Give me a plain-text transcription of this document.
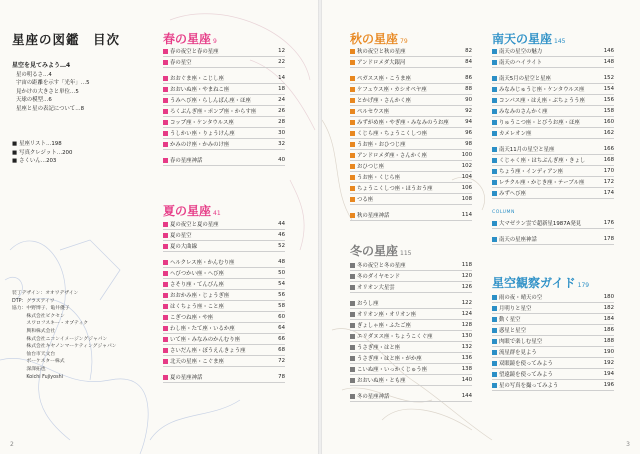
星座の図鑑　目次
星空を見てみよう…4
星の明るさ…4
宇宙の距離を示す「光年」…5
見かけの大きさと単位…5
天球の模型…6
星座と星の表記について…8
■ 星座リスト…198
■ 写真クレジット…200
■ さくいん…203
装丁デザイン：オオワデザイン
DTP：グラスアイワ
協力：中野博子、亀井優子
　　　株式会社ビクセン
　　　スワロフスキー・オプティク
　　　興和株式会社
　　　株式会社ニコンイメージングジャパン
　　　株式会社キヤノンマーケティングジャパン
　　　仙台市天文台
　　　ボーケスター株式
　　　深澤拓也
　　　Koichi Fujiyoshi
春の星座 9
春の夜空と春の星座	12
春の星空	22
おおぐま座・こじし座	14
おおいぬ座・やまねこ座	18
うみへび座・らしんばん座・ほ座	24
ろくぶんぎ座・ポンプ座・からす座	26
コップ座・ケンタウルス座	28
うしかい座・りょうけん座	30
かみのけ座・かみのけ座	32
春の星座神話	40
夏の星座 41
夏の夜空と夏の星座	44
夏の星空	46
夏の大曲線	52
ヘルクレス座・かんむり座	48
へびつかい座・へび座	50
さそり座・てんびん座	54
おおかみ座・じょうぎ座	56
はくちょう座・こと座	58
こぎつね座・や座	60
わし座・たて座・いるか座	64
いて座・みなみのかんむり座	66
さいだん座・ぼうえんきょう座	68
北天の星座・こぐま座	72
夏の星座神話	78
2
秋の星座 79
秋の夜空と秋の星座	82
アンドロメダ大銀河	84
ペガスス座・こうま座	86
ケフェウス座・カシオペヤ座	88
とかげ座・さんかく座	90
ペルセウス座	92
みずがめ座・やぎ座・みなみのうお座	94
くじら座・ちょうこくしつ座	96
うお座・おひつじ座	98
アンドロメダ座・さんかく座	100
おひつじ座	102
うお座・くじら座	104
ちょうこくしつ座・ほうおう座	106
つる座	108
秋の星座神話	114
冬の星座 115
冬の夜空と冬の星座	118
冬のダイヤモンド	120
オリオン大星雲	126
おうし座	122
オリオン座・オリオン座	124
ぎょしゃ座・ふたご座	128
エリダヌス座・ちょうこくぐ座	130
うさぎ座・はと座	132
うさぎ座・はと座・がか座	136
こいぬ座・いっかくじゅう座	138
おおいぬ座・とも座	140
冬の星座神話	144
南天の星座 145
南天の星空の魅力	146
南天のハイライト	148
南天5月の星空と星座	152
みなみじゅうじ座・ケンタウルス座	154
コンパス座・はえ座・ぶちょうう座	156
みなみのさんかく座	158
りゅうこつ座・とびうお座・ほ座	160
カメレオン座	162
南天11月の星空と星座	166
くじゃく座・はちぶんぎ座・きょし	168
ちょう座・インディアン座	170
レチクル座・かじき座・テーブル座	172
みずへび座	174
COLUMN
大マゼラン雲で超新星1987A発見	176
南天の星座神話	178
星空観察ガイド 179
雨の夜・晴天の空	180
月明りと星空	182
動く星空	184
惑星と星空	186
肉眼で楽しむ星空	188
流星群を見よう	190
双眼鏡を使ってみよう	192
望遠鏡を使ってみよう	194
星の写真を撮ってみよう	196
3
